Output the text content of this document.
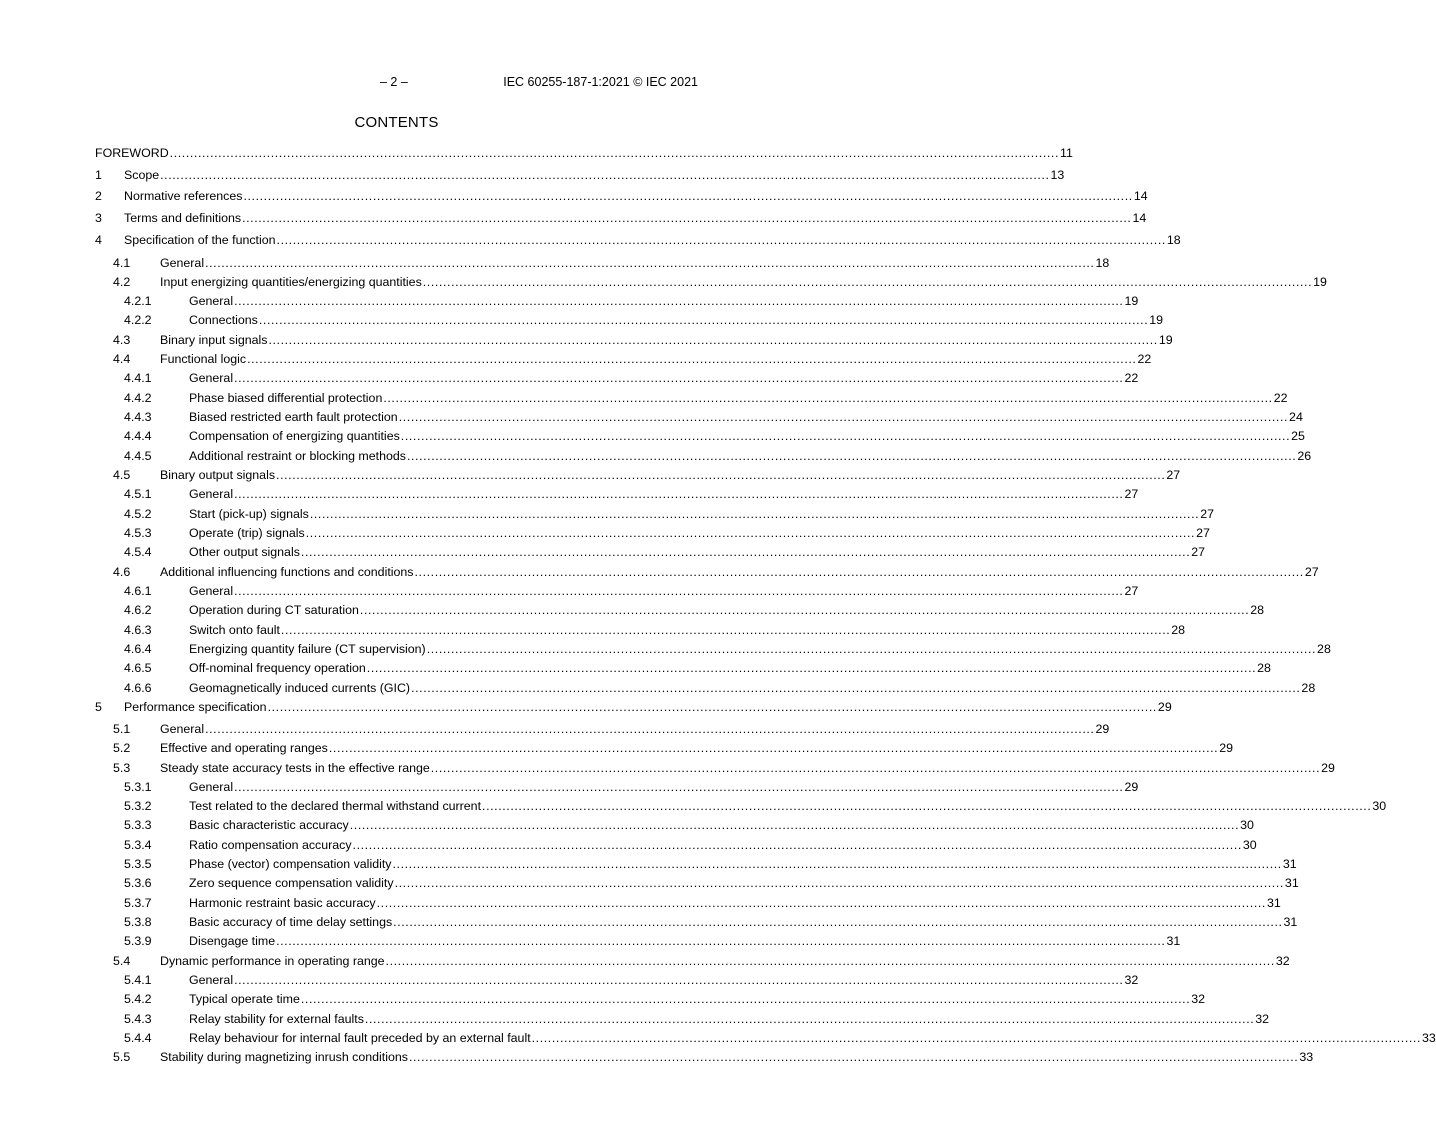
– 2 –	IEC 60255-187-1:2021 © IEC 2021
CONTENTS
FOREWORD ............................................................................................................................................................................................................................ 11
1	Scope ............................................................................................................................................................................................................................ 13
2	Normative references ............................................................................................................................................................................................................................ 14
3	Terms and definitions ............................................................................................................................................................................................................................ 14
4	Specification of the function ............................................................................................................................................................................................................................ 18
4.1	General ............................................................................................................................................................................................................................ 18
4.2	Input energizing quantities/energizing quantities ............................................................................................................................................................................................................................ 19
4.2.1	General ............................................................................................................................................................................................................................ 19
4.2.2	Connections ............................................................................................................................................................................................................................ 19
4.3	Binary input signals ............................................................................................................................................................................................................................ 19
4.4	Functional logic ............................................................................................................................................................................................................................ 22
4.4.1	General ............................................................................................................................................................................................................................ 22
4.4.2	Phase biased differential protection ............................................................................................................................................................................................................................ 22
4.4.3	Biased restricted earth fault protection ............................................................................................................................................................................................................................ 24
4.4.4	Compensation of energizing quantities ............................................................................................................................................................................................................................ 25
4.4.5	Additional restraint or blocking methods ............................................................................................................................................................................................................................ 26
4.5	Binary output signals ............................................................................................................................................................................................................................ 27
4.5.1	General ............................................................................................................................................................................................................................ 27
4.5.2	Start (pick-up) signals ............................................................................................................................................................................................................................ 27
4.5.3	Operate (trip) signals ............................................................................................................................................................................................................................ 27
4.5.4	Other output signals ............................................................................................................................................................................................................................ 27
4.6	Additional influencing functions and conditions ............................................................................................................................................................................................................................ 27
4.6.1	General ............................................................................................................................................................................................................................ 27
4.6.2	Operation during CT saturation ............................................................................................................................................................................................................................ 28
4.6.3	Switch onto fault ............................................................................................................................................................................................................................ 28
4.6.4	Energizing quantity failure (CT supervision) ............................................................................................................................................................................................................................ 28
4.6.5	Off-nominal frequency operation ............................................................................................................................................................................................................................ 28
4.6.6	Geomagnetically induced currents (GIC) ............................................................................................................................................................................................................................ 28
5	Performance specification ............................................................................................................................................................................................................................ 29
5.1	General ............................................................................................................................................................................................................................ 29
5.2	Effective and operating ranges ............................................................................................................................................................................................................................ 29
5.3	Steady state accuracy tests in the effective range ............................................................................................................................................................................................................................ 29
5.3.1	General ............................................................................................................................................................................................................................ 29
5.3.2	Test related to the declared thermal withstand current ............................................................................................................................................................................................................................ 30
5.3.3	Basic characteristic accuracy ............................................................................................................................................................................................................................ 30
5.3.4	Ratio compensation accuracy ............................................................................................................................................................................................................................ 30
5.3.5	Phase (vector) compensation validity ............................................................................................................................................................................................................................ 31
5.3.6	Zero sequence compensation validity ............................................................................................................................................................................................................................ 31
5.3.7	Harmonic restraint basic accuracy ............................................................................................................................................................................................................................ 31
5.3.8	Basic accuracy of time delay settings ............................................................................................................................................................................................................................ 31
5.3.9	Disengage time ............................................................................................................................................................................................................................ 31
5.4	Dynamic performance in operating range ............................................................................................................................................................................................................................ 32
5.4.1	General ............................................................................................................................................................................................................................ 32
5.4.2	Typical operate time ............................................................................................................................................................................................................................ 32
5.4.3	Relay stability for external faults ............................................................................................................................................................................................................................ 32
5.4.4	Relay behaviour for internal fault preceded by an external fault ............................................................................................................................................................................................................................ 33
5.5	Stability during magnetizing inrush conditions ............................................................................................................................................................................................................................ 33
